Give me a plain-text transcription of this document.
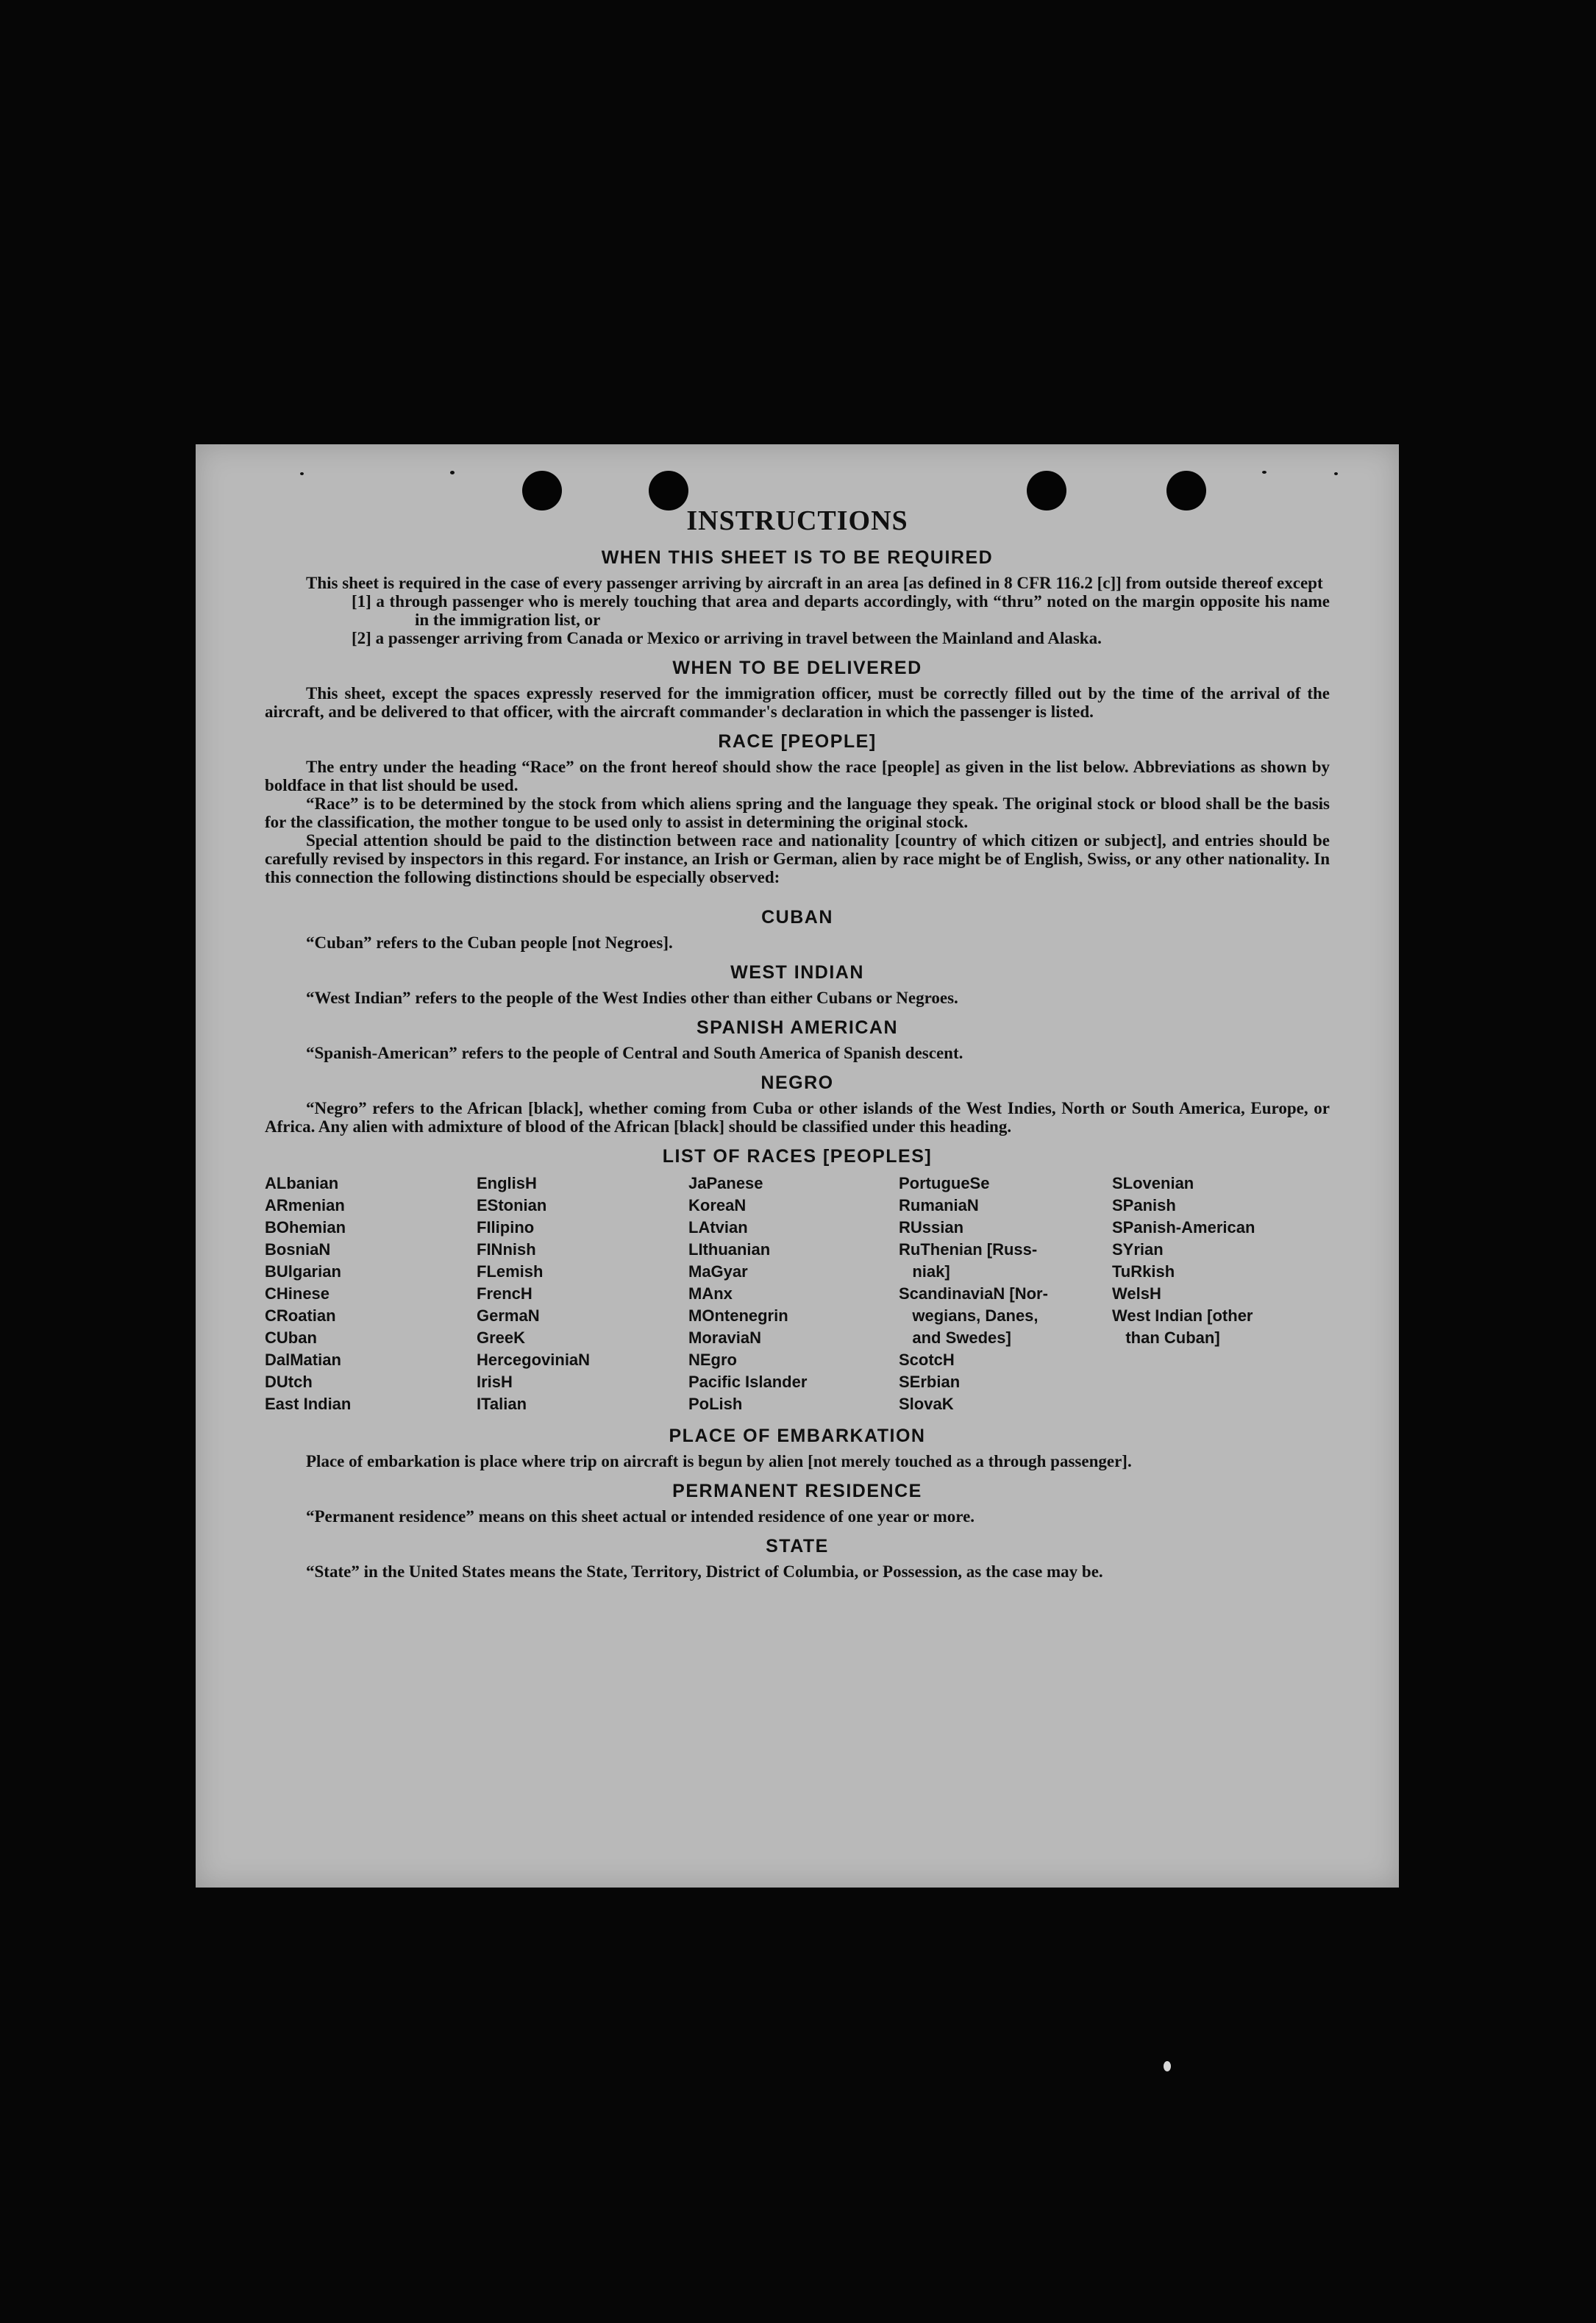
INSTRUCTIONS
WHEN THIS SHEET IS TO BE REQUIRED

This sheet is required in the case of every passenger arriving by aircraft in an area [as defined in 8 CFR 116.2 [c]] from outside thereof except

[1] a through passenger who is merely touching that area and departs accordingly, with “thru” noted on the margin opposite his name in the immigration list, or
[2] a passenger arriving from Canada or Mexico or arriving in travel between the Mainland and Alaska.
WHEN TO BE DELIVERED

This sheet, except the spaces expressly reserved for the immigration officer, must be correctly filled out by the time of the arrival of the aircraft, and be delivered to that officer, with the aircraft commander's declaration in which the passenger is listed.

RACE [PEOPLE]

The entry under the heading “Race” on the front hereof should show the race [people] as given in the list below. Abbreviations as shown by boldface in that list should be used.

“Race” is to be determined by the stock from which aliens spring and the language they speak. The original stock or blood shall be the basis for the classification, the mother tongue to be used only to assist in determining the original stock.

Special attention should be paid to the distinction between race and nationality [country of which citizen or subject], and entries should be carefully revised by inspectors in this regard. For instance, an Irish or German, alien by race might be of English, Swiss, or any other nationality. In this connection the following distinctions should be especially observed:

CUBAN

“Cuban” refers to the Cuban people [not Negroes].

WEST INDIAN

“West Indian” refers to the people of the West Indies other than either Cubans or Negroes.

SPANISH AMERICAN

“Spanish-American” refers to the people of Central and South America of Spanish descent.

NEGRO

“Negro” refers to the African [black], whether coming from Cuba or other islands of the West Indies, North or South America, Europe, or Africa. Any alien with admixture of blood of the African [black] should be classified under this heading.

LIST OF RACES [PEOPLES]
ALbanian
ARmenian
BOhemian
BosniaN
BUlgarian
CHinese
CRoatian
CUban
DalMatian
DUtch
East Indian
EnglisH
EStonian
FIlipino
FINnish
FLemish
FrencH
GermaN
GreeK
HercegoviniaN
IrisH
ITalian
JaPanese
KoreaN
LAtvian
LIthuanian
MaGyar
MAnx
MOntenegrin
MoraviaN
NEgro
Pacific Islander
PoLish
PortugueSe
RumaniaN
RUssian
RuThenian [Russ-
niak]
ScandinaviaN [Nor-
wegians, Danes,
and Swedes]
ScotcH
SErbian
SlovaK
SLovenian
SPanish
SPanish-American
SYrian
TuRkish
WelsH
West Indian [other
than Cuban]
PLACE OF EMBARKATION

Place of embarkation is place where trip on aircraft is begun by alien [not merely touched as a through passenger].

PERMANENT RESIDENCE

“Permanent residence” means on this sheet actual or intended residence of one year or more.

STATE

“State” in the United States means the State, Territory, District of Columbia, or Possession, as the case may be.
